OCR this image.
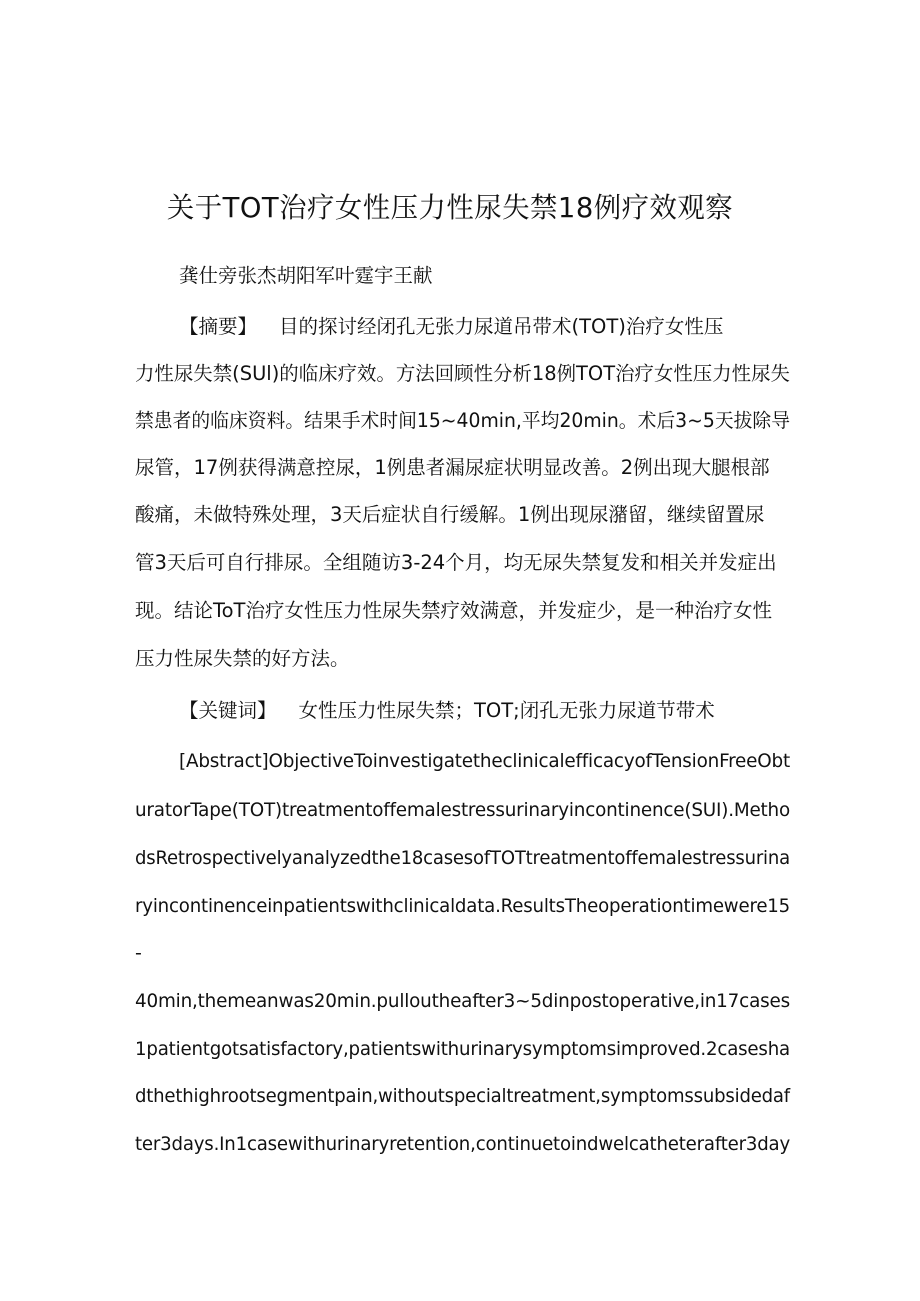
关于TOT治疗女性压力性尿失禁18例疗效观察
龚仕旁张杰胡阳军叶霆宇王献
【摘要】 目的探讨经闭孔无张力尿道吊带术(TOT)治疗女性压
力性尿失禁(SUl)的临床疗效。方法回顾性分析18例TOT治疗女性压力性尿失
禁患者的临床资料。结果手术时间15~40min,平均20min。术后3~5天拔除导
尿管，17例获得满意控尿，1例患者漏尿症状明显改善。2例出现大腿根部
酸痛，未做特殊处理，3天后症状自行缓解。1例出现尿潴留，继续留置尿
管3天后可自行排尿。全组随访3-24个月，均无尿失禁复发和相关并发症出
现。结论ToT治疗女性压力性尿失禁疗效满意，并发症少，是一种治疗女性
压力性尿失禁的好方法。
【关键词】 女性压力性尿失禁；TOT;闭孔无张力尿道节带术
[Abstract]ObjectiveToinvestigatetheclinicalefficacyofTensionFreeObt
uratorTape(TOT)treatmentoffemalestressurinaryincontinence(SUI).Metho
dsRetrospectivelyanalyzedthe18casesofTOTtreatmentoffemalestressurina
ryincontinenceinpatientswithclinicaldata.ResultsTheoperationtimewere15
-
40min,themeanwas20min.pulloutheafter3~5dinpostoperative,in17cases
1patientgotsatisfactory,patientswithurinarysymptomsimproved.2casesha
dthethighrootsegmentpain,withoutspecialtreatment,symptomssubsidedaf
ter3days.In1casewithurinaryretention,continuetoindwelcatheterafter3day
